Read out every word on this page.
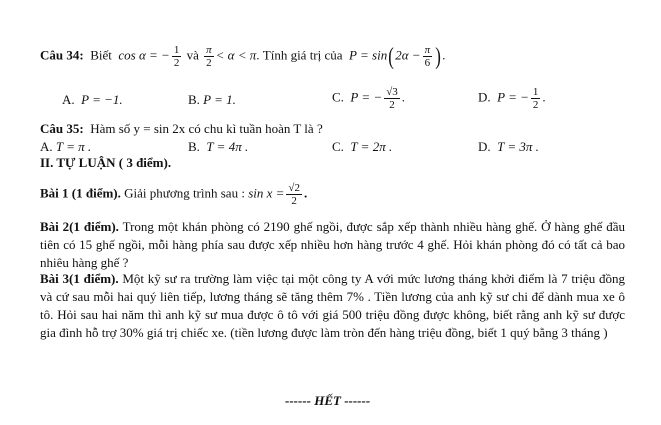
Câu 34: Biết cos α = − $\frac{1}{2}$ và $\frac{\pi}{2} < \alpha < \pi$. Tính giá trị của $P = \sin(2\alpha - \frac{\pi}{6}$ ).
A. P = −1.	B. P = 1.	C. P = − $\frac{√3}{2}$ .	D. P = − $\frac{1}{2}$ .
Câu 35: Hàm số y = sin 2x có chu kì tuần hoàn T là ?
A. T = π .	B. T = 4π .	C. T = 2π .	D. T = 3π .
II. TỰ LUẬN ( 3 điểm).
Bài 1 (1 điểm). Giải phương trình sau : $\sin x = \frac{√2}{2}$ .
Bài 2(1 điểm). Trong một khán phòng có 2190 ghế ngồi, được sắp xếp thành nhiều hàng ghế. Ở hàng ghế đầu tiên có 15 ghế ngồi, mỗi hàng phía sau được xếp nhiều hơn hàng trước 4 ghế. Hỏi khán phòng đó có tất cả bao nhiêu hàng ghế ?
Bài 3(1 điểm). Một kỹ sư ra trường làm việc tại một công ty A với mức lương tháng khởi điểm là 7 triệu đồng và cứ sau mỗi hai quý liên tiếp, lương tháng sẽ tăng thêm 7% . Tiền lương của anh kỹ sư chi để dành mua xe ô tô. Hỏi sau hai năm thì anh kỹ sư mua được ô tô với giá 500 triệu đồng được không, biết rằng anh kỹ sư được gia đình hỗ trợ 30% giá trị chiếc xe. (tiền lương được làm tròn đến hàng triệu đồng, biết 1 quý bằng 3 tháng )
------ HẾT ------
